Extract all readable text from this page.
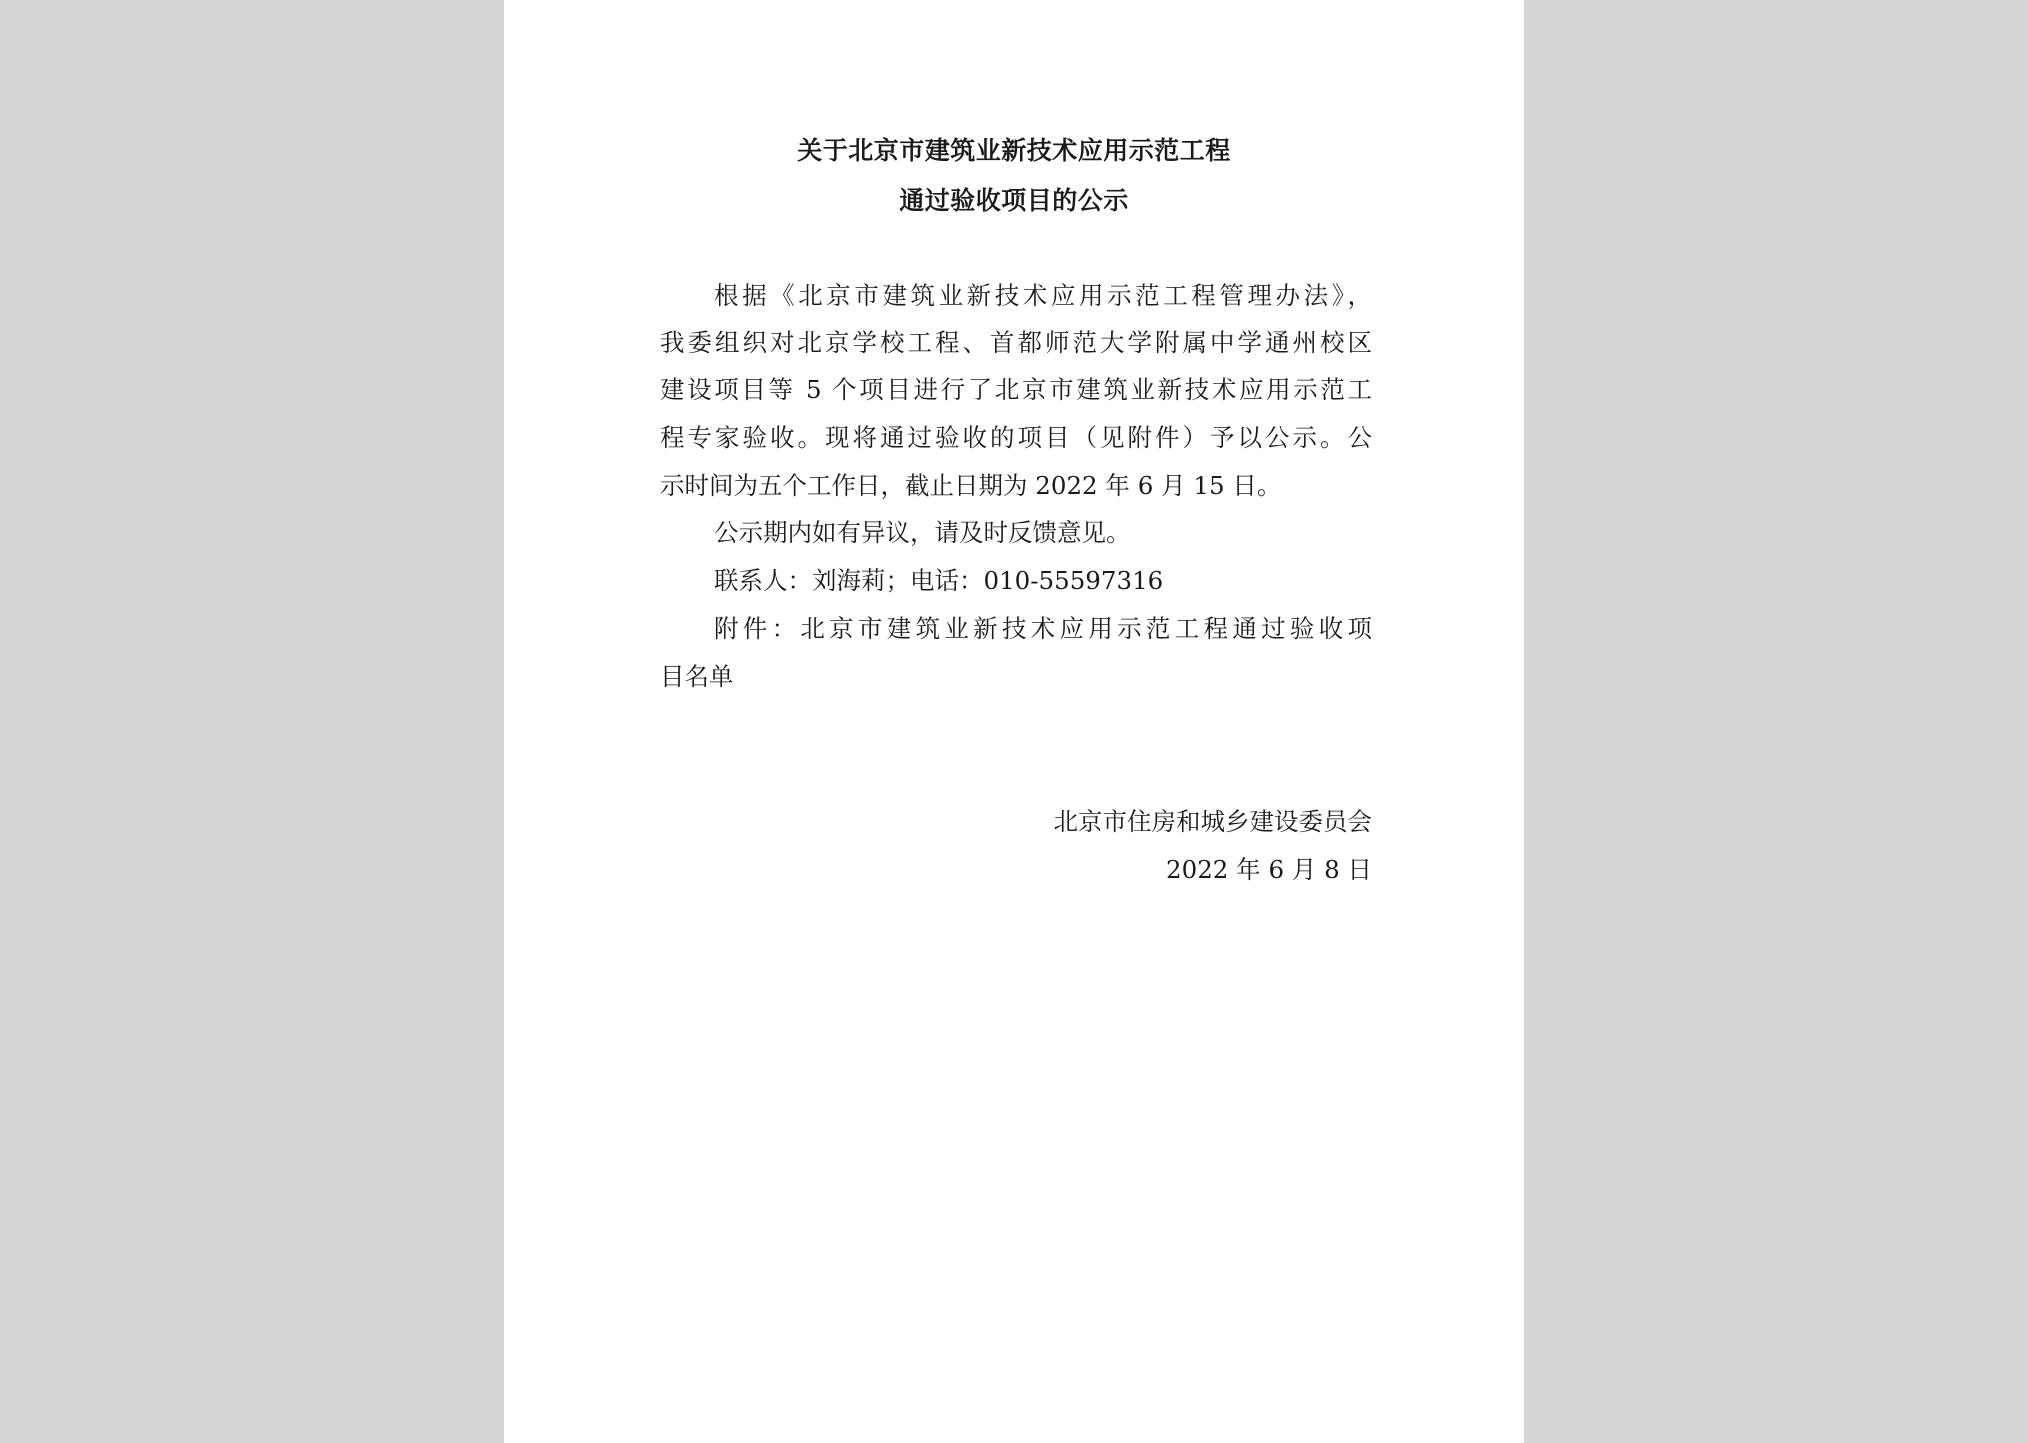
关于北京市建筑业新技术应用示范工程
通过验收项目的公示
根据《北京市建筑业新技术应用示范工程管理办法》，
我委组织对北京学校工程、首都师范大学附属中学通州校区
建设项目等 5 个项目进行了北京市建筑业新技术应用示范工
程专家验收。现将通过验收的项目（见附件）予以公示。公
示时间为五个工作日，截止日期为 2022 年 6 月 15 日。
公示期内如有异议，请及时反馈意见。
联系人：刘海莉；电话：010-55597316
附件：北京市建筑业新技术应用示范工程通过验收项
目名单
北京市住房和城乡建设委员会
2022 年 6 月 8 日
